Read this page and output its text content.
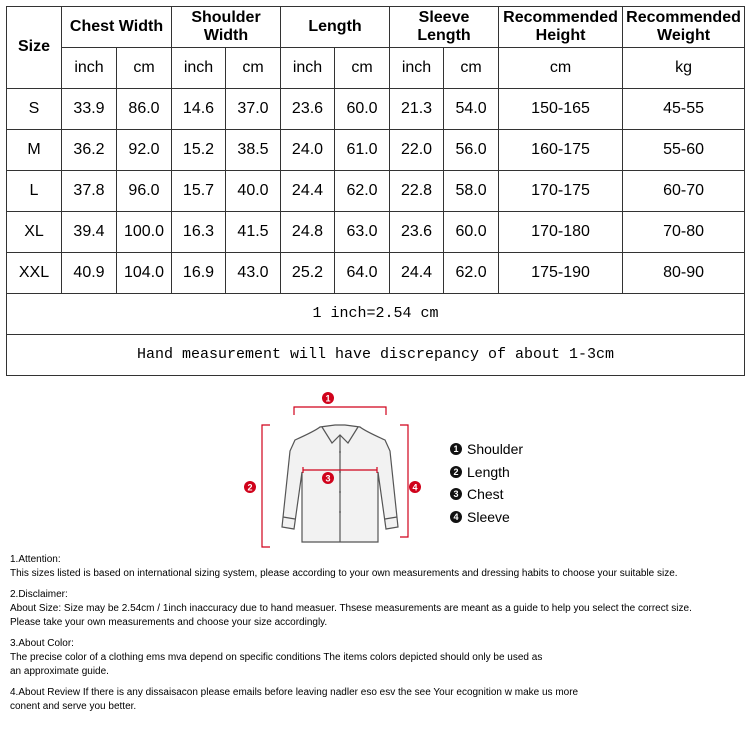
Size	Chest Width		Shoulder Width		Length		Sleeve Length		Recommended Height	Recommended Weight
	inch	cm	inch	cm	inch	cm	inch	cm	cm	kg
S	33.9	86.0	14.6	37.0	23.6	60.0	21.3	54.0	150-165	45-55
M	36.2	92.0	15.2	38.5	24.0	61.0	22.0	56.0	160-175	55-60
L	37.8	96.0	15.7	40.0	24.4	62.0	22.8	58.0	170-175	60-70
XL	39.4	100.0	16.3	41.5	24.8	63.0	23.6	60.0	170-180	70-80
XXL	40.9	104.0	16.9	43.0	25.2	64.0	24.4	62.0	175-190	80-90
1 inch=2.54 cm										
Hand measurement will have discrepancy of about 1-3cm										
1
2
3
4
1 Shoulder
2 Length
3 Chest
4 Sleeve

1.Attention:

This sizes listed is based on international sizing system, please according to your own measurements and dressing habits to choose your suitable size.

2.Disclaimer:

About Size: Size may be 2.54cm / 1inch inaccuracy due to hand measuer. Thsese measurements are meant as a guide to help you select the correct size.

Please take your own measurements and choose your size accordingly.

3.About Color:

The precise color of a clothing ems mva depend on specific conditions The items colors depicted should only be used as

an approximate guide.

4.About Review If there is any dissaisacon please emails before leaving nadler eso esv the see Your ecognition w make us more

conent and serve you better.
